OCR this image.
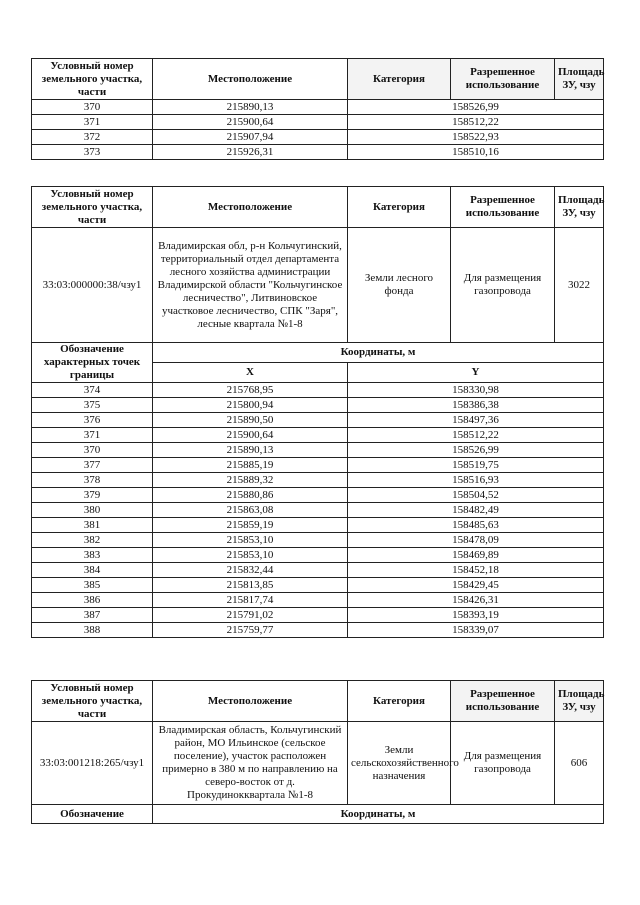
Условный номер земельного участка, части	Местоположение	Категория	Разрешенное использование	Площадь ЗУ, чзу
370	215890,13	158526,99		
371	215900,64	158512,22		
372	215907,94	158522,93		
373	215926,31	158510,16		
Условный номер земельного участка, части	Местоположение	Категория	Разрешенное использование	Площадь ЗУ, чзу
33:03:000000:38/чзу1	Владимирская обл, р-н Кольчугинский, территориальный отдел департамента лесного хозяйства администрации Владимирской области "Кольчугинское лесничество", Литвиновское участковое лесничество, СПК "Заря", лесные квартала №1-8	Земли лесного фонда	Для размещения газопровода	3022
Обозначение характерных точек границы	Координаты, м			
	X	Y		
374	215768,95	158330,98		
375	215800,94	158386,38		
376	215890,50	158497,36		
371	215900,64	158512,22		
370	215890,13	158526,99		
377	215885,19	158519,75		
378	215889,32	158516,93		
379	215880,86	158504,52		
380	215863,08	158482,49		
381	215859,19	158485,63		
382	215853,10	158478,09		
383	215853,10	158469,89		
384	215832,44	158452,18		
385	215813,85	158429,45		
386	215817,74	158426,31		
387	215791,02	158393,19		
388	215759,77	158339,07		
Условный номер земельного участка, части	Местоположение	Категория	Разрешенное использование	Площадь ЗУ, чзу
33:03:001218:265/чзу1	Владимирская область, Кольчугинский район, МО Ильинское (сельское поселение), участок расположен примерно в 380 м по направлению на северо-восток от д. Прокудинокквартала №1-8	Земли сельскохозяйственного назначения	Для размещения газопровода	606
Обозначение	Координаты, м			
